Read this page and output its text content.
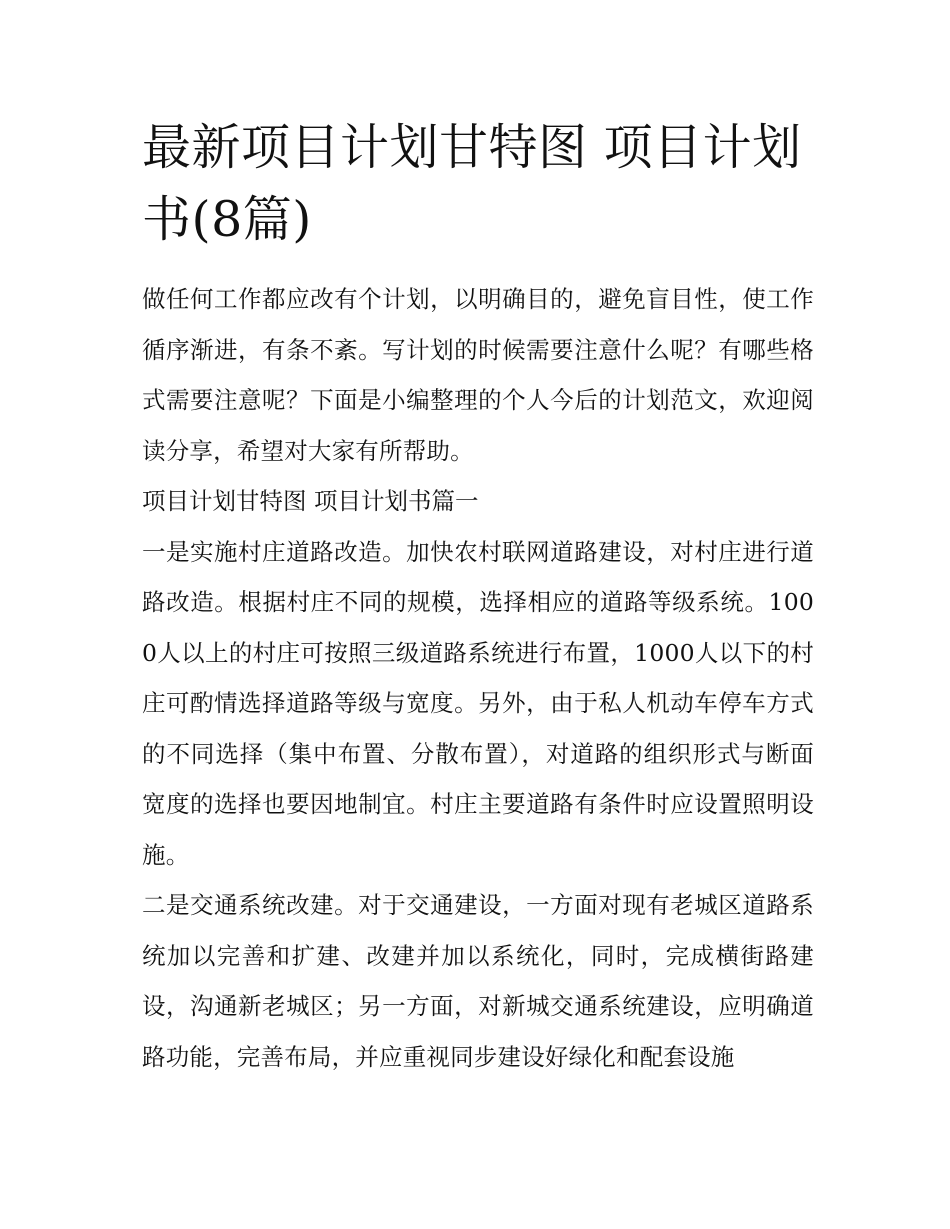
最新项目计划甘特图 项目计划书(8篇)

做任何工作都应改有个计划，以明确目的，避免盲目性，使工作循序渐进，有条不紊。写计划的时候需要注意什么呢？有哪些格式需要注意呢？下面是小编整理的个人今后的计划范文，欢迎阅读分享，希望对大家有所帮助。

项目计划甘特图 项目计划书篇一

一是实施村庄道路改造。加快农村联网道路建设，对村庄进行道路改造。根据村庄不同的规模，选择相应的道路等级系统。1000人以上的村庄可按照三级道路系统进行布置，1000人以下的村庄可酌情选择道路等级与宽度。另外，由于私人机动车停车方式的不同选择（集中布置、分散布置），对道路的组织形式与断面宽度的选择也要因地制宜。村庄主要道路有条件时应设置照明设施。

二是交通系统改建。对于交通建设，一方面对现有老城区道路系统加以完善和扩建、改建并加以系统化，同时，完成横街路建设，沟通新老城区；另一方面，对新城交通系统建设，应明确道路功能，完善布局，并应重视同步建设好绿化和配套设施
